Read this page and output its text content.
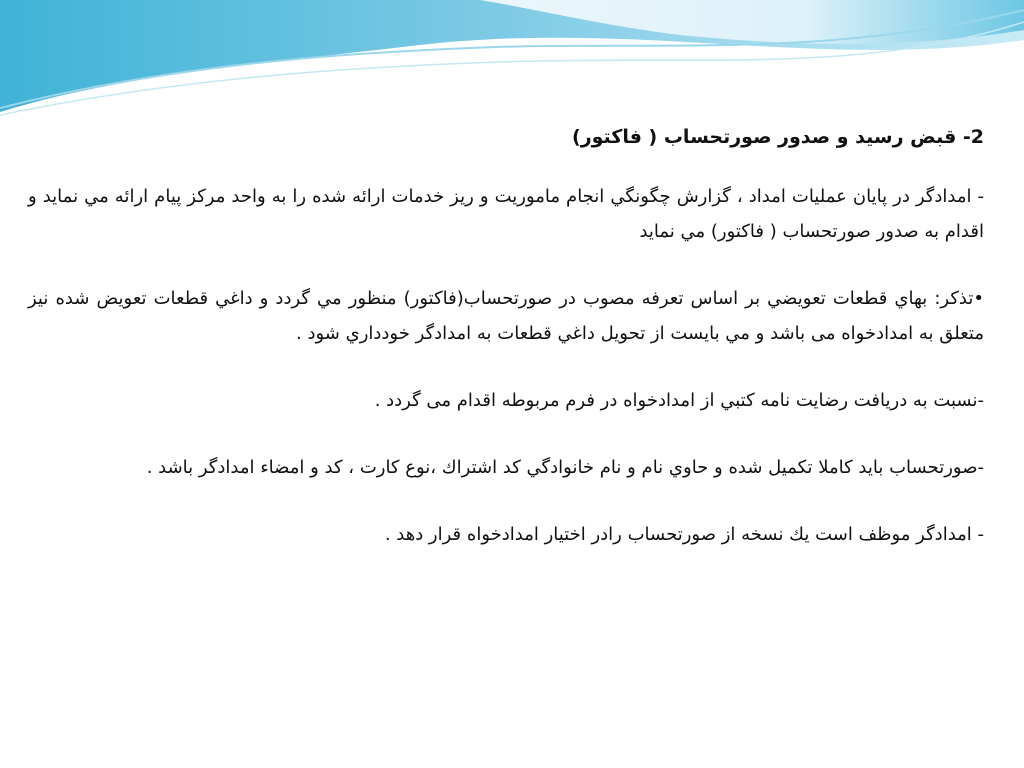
2- قبض رسيد و صدور صورتحساب ( فاكتور)
- امدادگر در پايان عمليات امداد ، گزارش چگونگي انجام ماموريت و ريز خدمات ارائه شده را به واحد مركز پيام ارائه مي نمايد و اقدام به صدور صورتحساب ( فاكتور) مي نمايد
•تذكر: بهاي قطعات تعويضي بر اساس تعرفه مصوب در صورتحساب(فاكتور) منظور مي گردد و داغي قطعات تعويض شده نيز متعلق به امدادخواه می باشد و مي بايست از تحويل داغي قطعات به امدادگر خودداري شود .
-نسبت به دريافت رضايت نامه كتبي از امدادخواه در فرم مربوطه اقدام می گردد .
-صورتحساب بايد كاملا تكميل شده و حاوي نام و نام خانوادگي كد اشتراك ،نوع كارت ، كد و امضاء امدادگر باشد .
- امدادگر موظف است يك نسخه از صورتحساب رادر اختيار امدادخواه قرار دهد .
